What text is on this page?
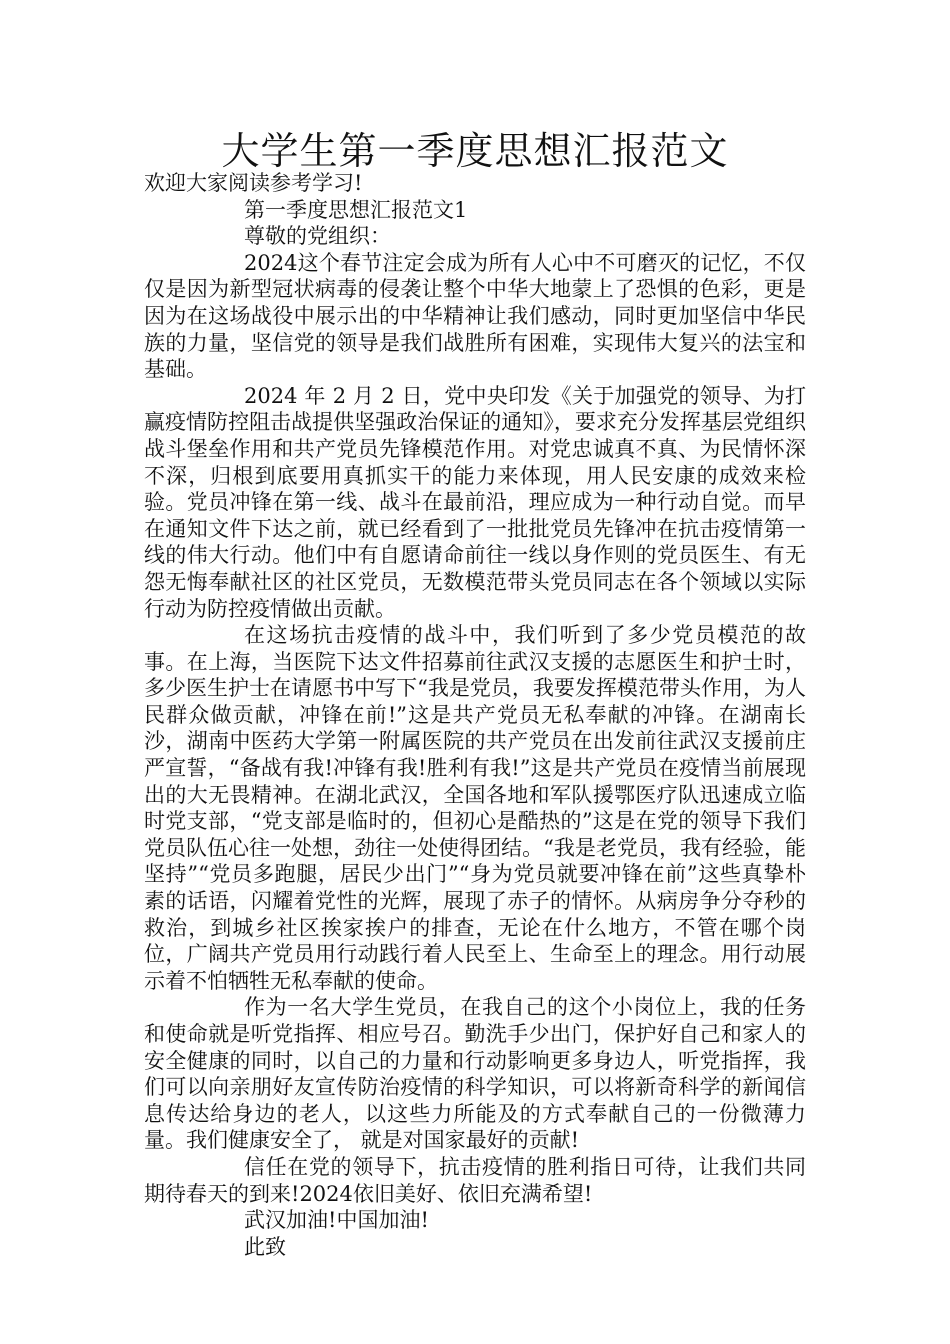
大学生第一季度思想汇报范文

欢迎大家阅读参考学习!

第一季度思想汇报范文1

尊敬的党组织：

2024这个春节注定会成为所有人心中不可磨灭的记忆，不仅仅是因为新型冠状病毒的侵袭让整个中华大地蒙上了恐惧的色彩，更是因为在这场战役中展示出的中华精神让我们感动，同时更加坚信中华民族的力量，坚信党的领导是我们战胜所有困难，实现伟大复兴的法宝和基础。

2024 年 2 月 2 日，党中央印发《关于加强党的领导、为打赢疫情防控阻击战提供坚强政治保证的通知》，要求充分发挥基层党组织战斗堡垒作用和共产党员先锋模范作用。对党忠诚真不真、为民情怀深不深，归根到底要用真抓实干的能力来体现，用人民安康的成效来检验。党员冲锋在第一线、战斗在最前沿，理应成为一种行动自觉。而早在通知文件下达之前，就已经看到了一批批党员先锋冲在抗击疫情第一线的伟大行动。他们中有自愿请命前往一线以身作则的党员医生、有无怨无悔奉献社区的社区党员，无数模范带头党员同志在各个领域以实际行动为防控疫情做出贡献。

在这场抗击疫情的战斗中，我们听到了多少党员模范的故事。在上海，当医院下达文件招募前往武汉支援的志愿医生和护士时，多少医生护士在请愿书中写下“我是党员，我要发挥模范带头作用，为人民群众做贡献，冲锋在前!”这是共产党员无私奉献的冲锋。在湖南长沙，湖南中医药大学第一附属医院的共产党员在出发前往武汉支援前庄严宣誓，“备战有我!冲锋有我!胜利有我!”这是共产党员在疫情当前展现出的大无畏精神。在湖北武汉，全国各地和军队援鄂医疗队迅速成立临时党支部，“党支部是临时的，但初心是酷热的”这是在党的领导下我们党员队伍心往一处想，劲往一处使得团结。“我是老党员，我有经验，能坚持”“党员多跑腿，居民少出门”“身为党员就要冲锋在前”这些真挚朴素的话语，闪耀着党性的光辉，展现了赤子的情怀。从病房争分夺秒的救治，到城乡社区挨家挨户的排查，无论在什么地方，不管在哪个岗位，广阔共产党员用行动践行着人民至上、生命至上的理念。用行动展示着不怕牺牲无私奉献的使命。

作为一名大学生党员，在我自己的这个小岗位上，我的任务和使命就是听党指挥、相应号召。勤洗手少出门，保护好自己和家人的安全健康的同时，以自己的力量和行动影响更多身边人，听党指挥，我们可以向亲朋好友宣传防治疫情的科学知识，可以将新奇科学的新闻信息传达给身边的老人，以这些力所能及的方式奉献自己的一份微薄力量。我们健康安全了， 就是对国家最好的贡献!

信任在党的领导下，抗击疫情的胜利指日可待，让我们共同期待春天的到来!2024依旧美好、依旧充满希望!

武汉加油!中国加油!

此致
